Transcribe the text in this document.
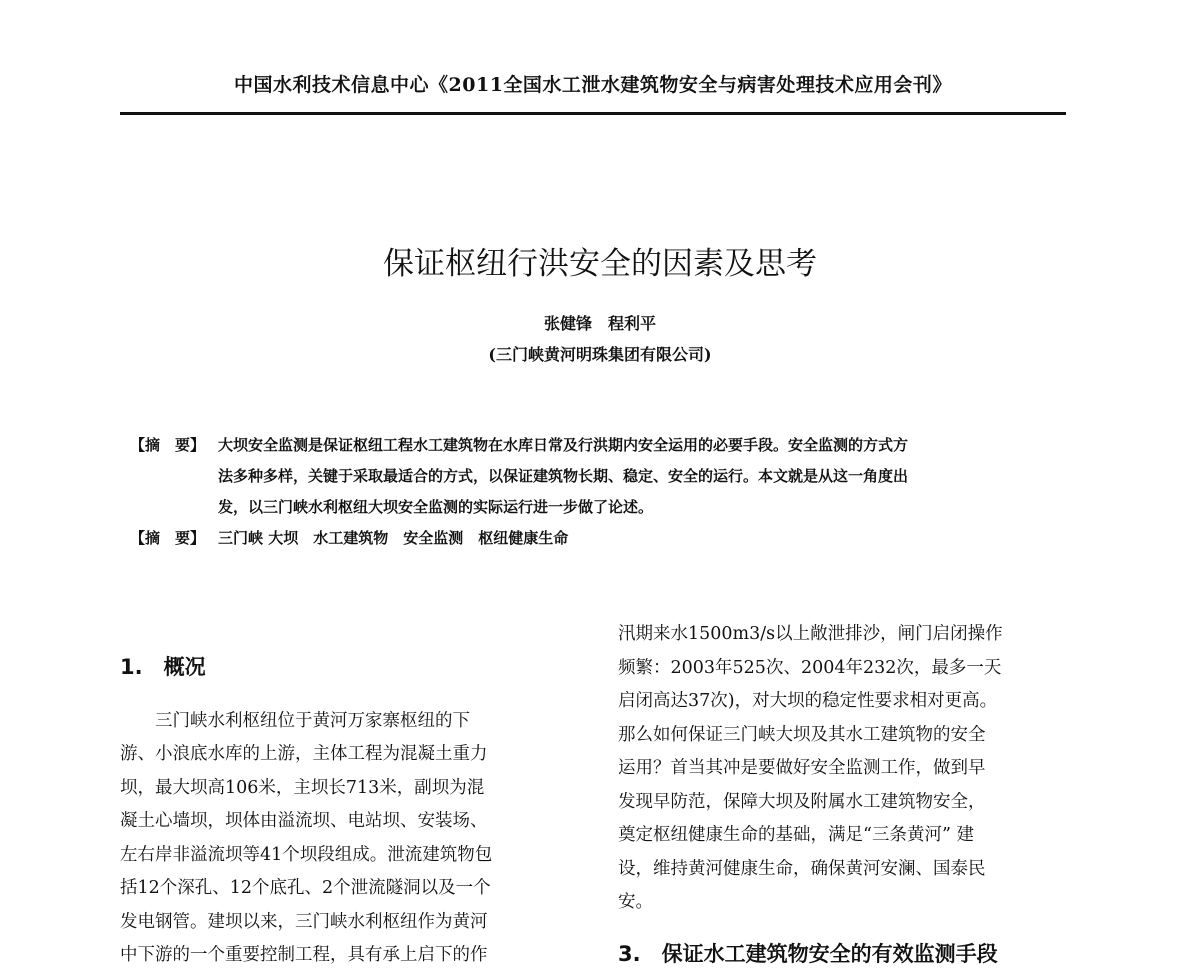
中国水利技术信息中心《2011全国水工泄水建筑物安全与病害处理技术应用会刊》
保证枢纽行洪安全的因素及思考
张健锋　程利平
(三门峡黄河明珠集团有限公司)
【摘　要】 大坝安全监测是保证枢纽工程水工建筑物在水库日常及行洪期内安全运用的必要手段。安全监测的方式方
法多种多样，关键于采取最适合的方式，以保证建筑物长期、稳定、安全的运行。本文就是从这一角度出
发，以三门峡水利枢纽大坝安全监测的实际运行进一步做了论述。
【摘　要】 三门峡 大坝　水工建筑物　安全监测　枢纽健康生命

1.　概况

　　三门峡水利枢纽位于黄河万家寨枢纽的下

游、小浪底水库的上游，主体工程为混凝土重力

坝，最大坝高106米，主坝长713米，副坝为混

凝土心墙坝，坝体由溢流坝、电站坝、安装场、

左右岸非溢流坝等41个坝段组成。泄流建筑物包

括12个深孔、12个底孔、2个泄流隧洞以及一个

发电钢管。建坝以来，三门峡水利枢纽作为黄河

中下游的一个重要控制工程，具有承上启下的作

汛期来水1500m3/s以上敞泄排沙，闸门启闭操作

频繁：2003年525次、2004年232次，最多一天

启闭高达37次)，对大坝的稳定性要求相对更高。

那么如何保证三门峡大坝及其水工建筑物的安全

运用？首当其冲是要做好安全监测工作，做到早

发现早防范，保障大坝及附属水工建筑物安全，

奠定枢纽健康生命的基础，满足“三条黄河” 建

设，维持黄河健康生命，确保黄河安澜、国泰民

安。

3.　保证水工建筑物安全的有效监测手段
